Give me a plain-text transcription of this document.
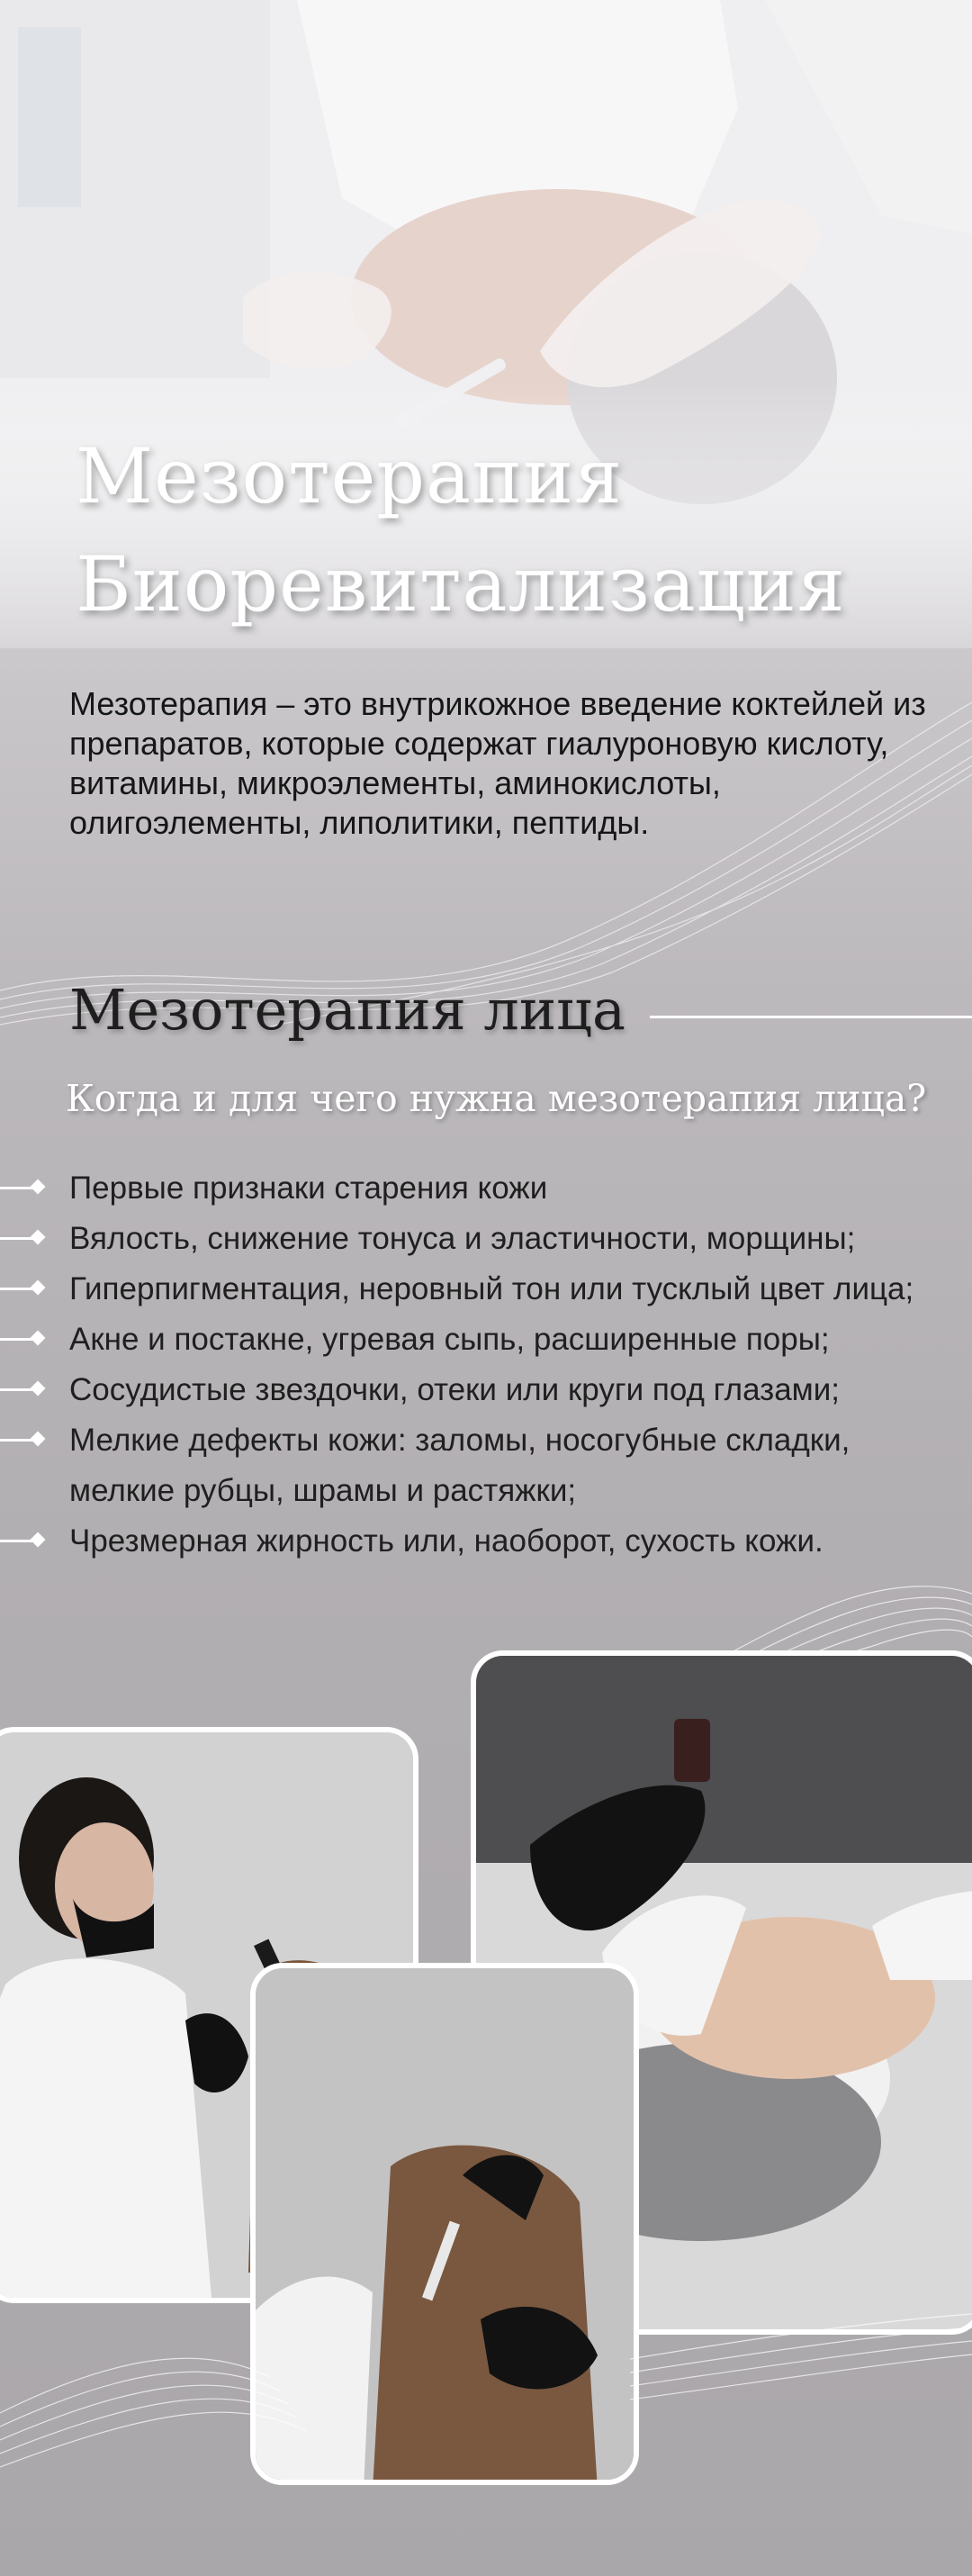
Мезотерапия
Биоревитализация

Мезотерапия – это внутрикожное введение коктейлей из препаратов, которые содержат гиалуроновую кислоту, витамины, микроэлементы, аминокислоты, олигоэлементы, липолитики, пептиды.

Мезотерапия лица
Когда и для чего нужна мезотерапия лица?
Первые признаки старения кожи
Вялость, снижение тонуса и эластичности, морщины;
Гиперпигментация, неровный тон или тусклый цвет лица;
Акне и постакне, угревая сыпь, расширенные поры;
Сосудистые звездочки, отеки или круги под глазами;
Мелкие дефекты кожи: заломы, носогубные складки,
мелкие рубцы, шрамы и растяжки;
Чрезмерная жирность или, наоборот, сухость кожи.
